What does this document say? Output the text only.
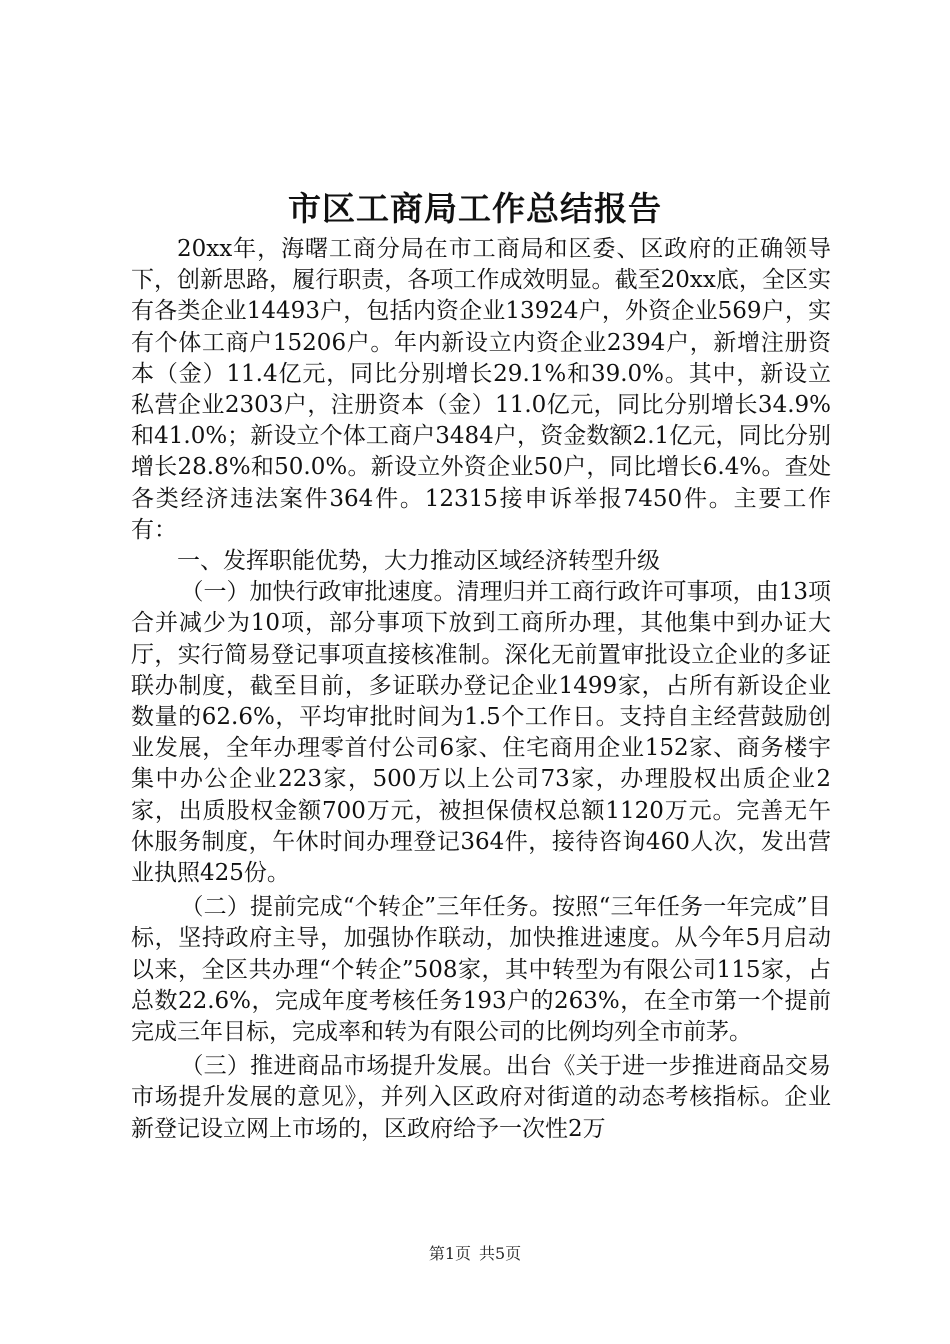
市区工商局工作总结报告

20xx年，海曙工商分局在市工商局和区委、区政府的正确领导下，创新思路，履行职责，各项工作成效明显。截至20xx底，全区实有各类企业14493户，包括内资企业13924户，外资企业569户，实有个体工商户15206户。年内新设立内资企业2394户，新增注册资本（金）11.4亿元，同比分别增长29.1%和39.0%。其中，新设立私营企业2303户，注册资本（金）11.0亿元，同比分别增长34.9%和41.0%；新设立个体工商户3484户，资金数额2.1亿元，同比分别增长28.8%和50.0%。新设立外资企业50户，同比增长6.4%。查处各类经济违法案件364件。12315接申诉举报7450件。主要工作有：

一、发挥职能优势，大力推动区域经济转型升级

（一）加快行政审批速度。清理归并工商行政许可事项，由13项合并减少为10项，部分事项下放到工商所办理，其他集中到办证大厅，实行简易登记事项直接核准制。深化无前置审批设立企业的多证联办制度，截至目前，多证联办登记企业1499家，占所有新设企业数量的62.6%，平均审批时间为1.5个工作日。支持自主经营鼓励创业发展，全年办理零首付公司6家、住宅商用企业152家、商务楼宇集中办公企业223家，500万以上公司73家，办理股权出质企业2家，出质股权金额700万元，被担保债权总额1120万元。完善无午休服务制度，午休时间办理登记364件，接待咨询460人次，发出营业执照425份。

（二）提前完成“个转企”三年任务。按照“三年任务一年完成”目标，坚持政府主导，加强协作联动，加快推进速度。从今年5月启动以来，全区共办理“个转企”508家，其中转型为有限公司115家，占总数22.6%，完成年度考核任务193户的263%，在全市第一个提前完成三年目标，完成率和转为有限公司的比例均列全市前茅。

（三）推进商品市场提升发展。出台《关于进一步推进商品交易市场提升发展的意见》，并列入区政府对街道的动态考核指标。企业新登记设立网上市场的，区政府给予一次性2万

第1页 共5页
